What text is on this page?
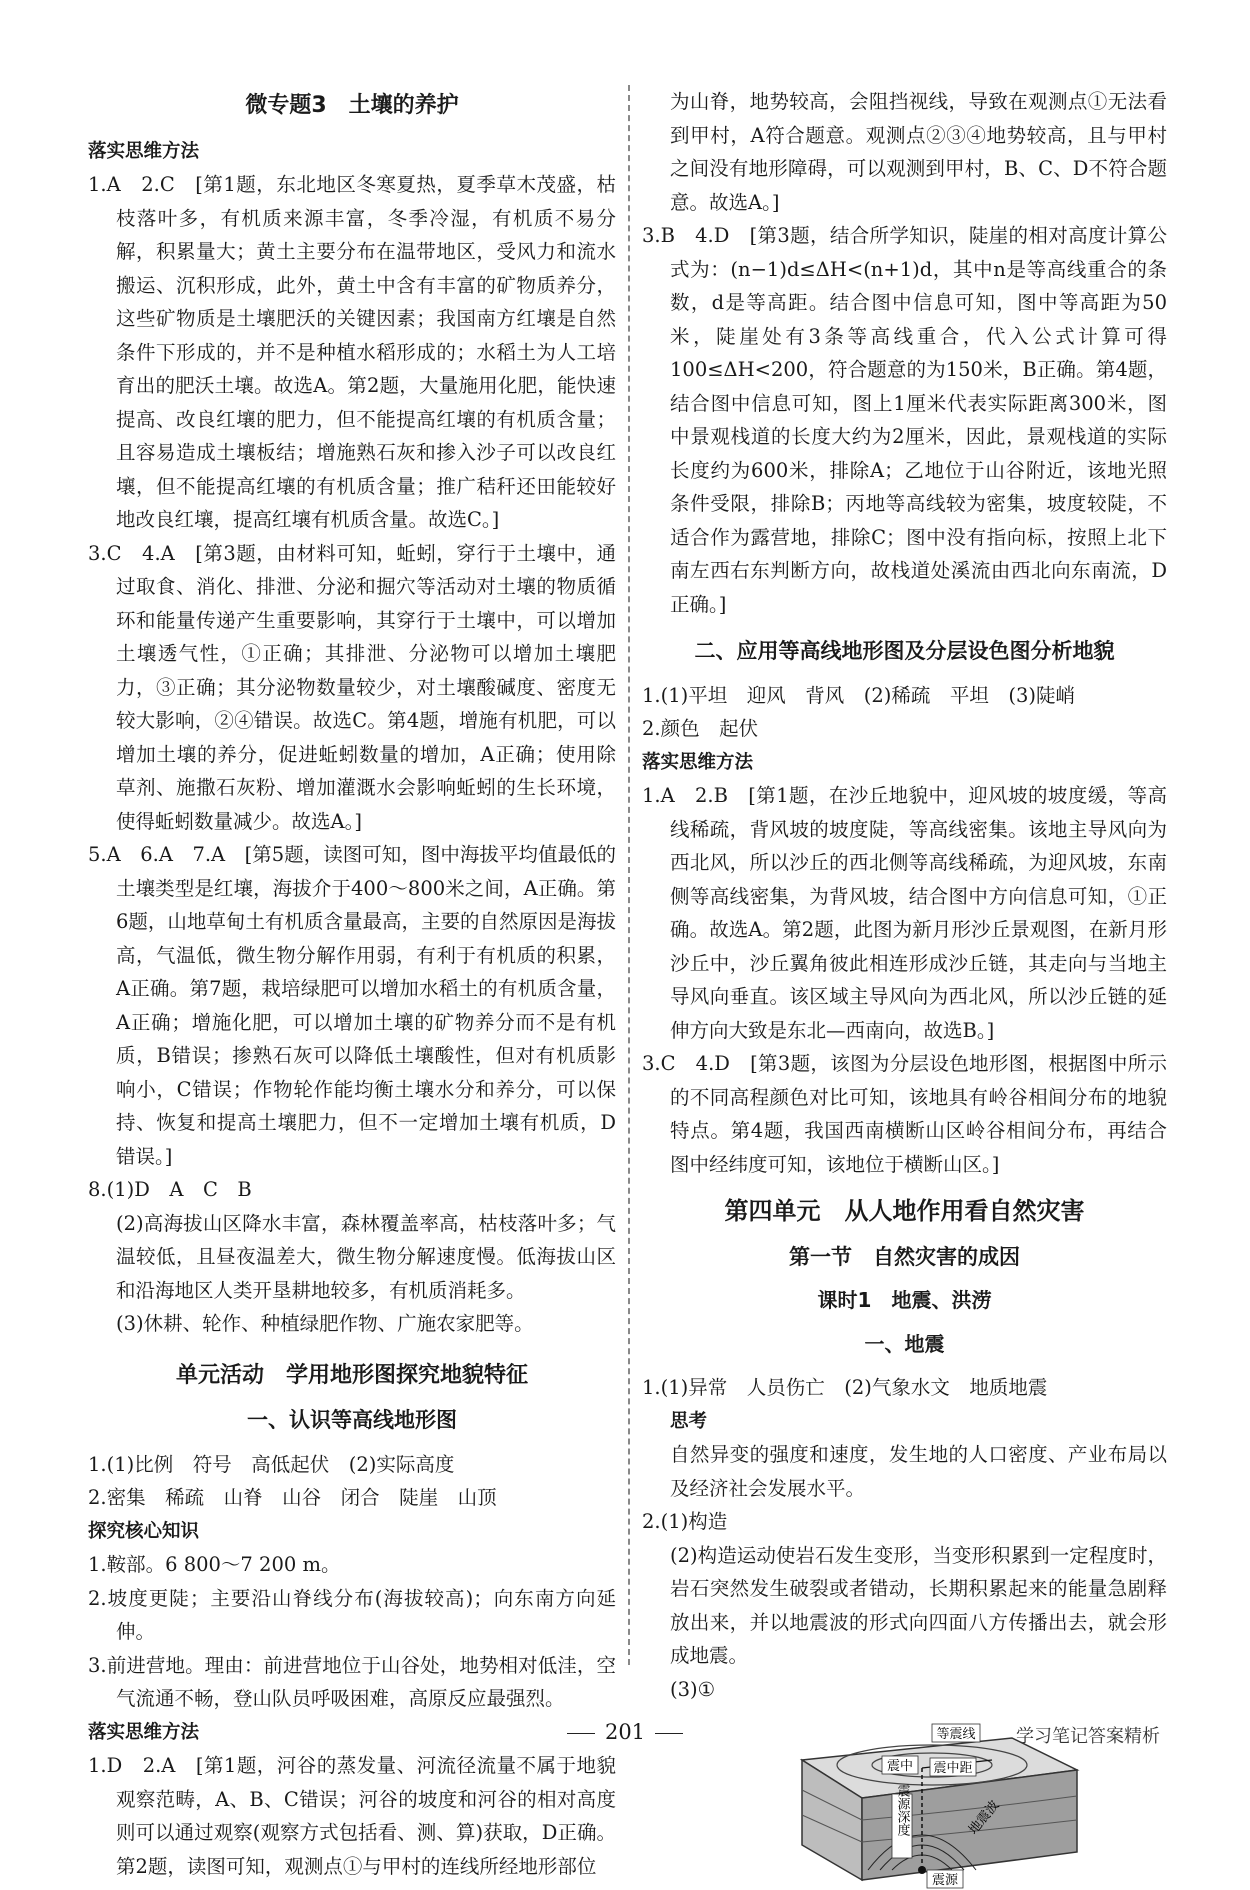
微专题3　土壤的养护

落实思维方法

1.A　2.C　[第1题，东北地区冬寒夏热，夏季草木茂盛，枯枝落叶多，有机质来源丰富，冬季冷湿，有机质不易分解，积累量大；黄土主要分布在温带地区，受风力和流水搬运、沉积形成，此外，黄土中含有丰富的矿物质养分，这些矿物质是土壤肥沃的关键因素；我国南方红壤是自然条件下形成的，并不是种植水稻形成的；水稻土为人工培育出的肥沃土壤。故选A。第2题，大量施用化肥，能快速提高、改良红壤的肥力，但不能提高红壤的有机质含量；且容易造成土壤板结；增施熟石灰和掺入沙子可以改良红壤，但不能提高红壤的有机质含量；推广秸秆还田能较好地改良红壤，提高红壤有机质含量。故选C。]

3.C　4.A　[第3题，由材料可知，蚯蚓，穿行于土壤中，通过取食、消化、排泄、分泌和掘穴等活动对土壤的物质循环和能量传递产生重要影响，其穿行于土壤中，可以增加土壤透气性，①正确；其排泄、分泌物可以增加土壤肥力，③正确；其分泌物数量较少，对土壤酸碱度、密度无较大影响，②④错误。故选C。第4题，增施有机肥，可以增加土壤的养分，促进蚯蚓数量的增加，A正确；使用除草剂、施撒石灰粉、增加灌溉水会影响蚯蚓的生长环境，使得蚯蚓数量减少。故选A。]

5.A　6.A　7.A　[第5题，读图可知，图中海拔平均值最低的土壤类型是红壤，海拔介于400～800米之间，A正确。第6题，山地草甸土有机质含量最高，主要的自然原因是海拔高，气温低，微生物分解作用弱，有利于有机质的积累，A正确。第7题，栽培绿肥可以增加水稻土的有机质含量，A正确；增施化肥，可以增加土壤的矿物养分而不是有机质，B错误；掺熟石灰可以降低土壤酸性，但对有机质影响小，C错误；作物轮作能均衡土壤水分和养分，可以保持、恢复和提高土壤肥力，但不一定增加土壤有机质，D错误。]

8.(1)D　A　C　B

(2)高海拔山区降水丰富，森林覆盖率高，枯枝落叶多；气温较低，且昼夜温差大，微生物分解速度慢。低海拔山区和沿海地区人类开垦耕地较多，有机质消耗多。

(3)休耕、轮作、种植绿肥作物、广施农家肥等。

单元活动　学用地形图探究地貌特征
一、认识等高线地形图

1.(1)比例　符号　高低起伏　(2)实际高度

2.密集　稀疏　山脊　山谷　闭合　陡崖　山顶

探究核心知识

1.鞍部。6 800～7 200 m。

2.坡度更陡；主要沿山脊线分布(海拔较高)；向东南方向延伸。

3.前进营地。理由：前进营地位于山谷处，地势相对低洼，空气流通不畅，登山队员呼吸困难，高原反应最强烈。

落实思维方法

1.D　2.A　[第1题，河谷的蒸发量、河流径流量不属于地貌观察范畴，A、B、C错误；河谷的坡度和河谷的相对高度则可以通过观察(观察方式包括看、测、算)获取，D正确。第2题，读图可知，观测点①与甲村的连线所经地形部位

为山脊，地势较高，会阻挡视线，导致在观测点①无法看到甲村，A符合题意。观测点②③④地势较高，且与甲村之间没有地形障碍，可以观测到甲村，B、C、D不符合题意。故选A。]

3.B　4.D　[第3题，结合所学知识，陡崖的相对高度计算公式为：(n−1)d≤ΔH<(n+1)d，其中n是等高线重合的条数，d是等高距。结合图中信息可知，图中等高距为50米，陡崖处有3条等高线重合，代入公式计算可得100≤ΔH<200，符合题意的为150米，B正确。第4题，结合图中信息可知，图上1厘米代表实际距离300米，图中景观栈道的长度大约为2厘米，因此，景观栈道的实际长度约为600米，排除A；乙地位于山谷附近，该地光照条件受限，排除B；丙地等高线较为密集，坡度较陡，不适合作为露营地，排除C；图中没有指向标，按照上北下南左西右东判断方向，故栈道处溪流由西北向东南流，D正确。]

二、应用等高线地形图及分层设色图分析地貌

1.(1)平坦　迎风　背风　(2)稀疏　平坦　(3)陡峭

2.颜色　起伏

落实思维方法

1.A　2.B　[第1题，在沙丘地貌中，迎风坡的坡度缓，等高线稀疏，背风坡的坡度陡，等高线密集。该地主导风向为西北风，所以沙丘的西北侧等高线稀疏，为迎风坡，东南侧等高线密集，为背风坡，结合图中方向信息可知，①正确。故选A。第2题，此图为新月形沙丘景观图，在新月形沙丘中，沙丘翼角彼此相连形成沙丘链，其走向与当地主导风向垂直。该区域主导风向为西北风，所以沙丘链的延伸方向大致是东北—西南向，故选B。]

3.C　4.D　[第3题，该图为分层设色地形图，根据图中所示的不同高程颜色对比可知，该地具有岭谷相间分布的地貌特点。第4题，我国西南横断山区岭谷相间分布，再结合图中经纬度可知，该地位于横断山区。]

第四单元　从人地作用看自然灾害
第一节　自然灾害的成因
课时1　地震、洪涝
一、地震

1.(1)异常　人员伤亡　(2)气象水文　地质地震

思考

自然异变的强度和速度，发生地的人口密度、产业布局以及经济社会发展水平。

2.(1)构造

(2)构造运动使岩石发生变形，当变形积累到一定程度时，岩石突然发生破裂或者错动，长期积累起来的能量急剧释放出来，并以地震波的形式向四面八方传播出去，就会形成地震。

(3)①

等震线
震中 震中距
震源深度	地震波
震源
201	学习笔记答案精析
